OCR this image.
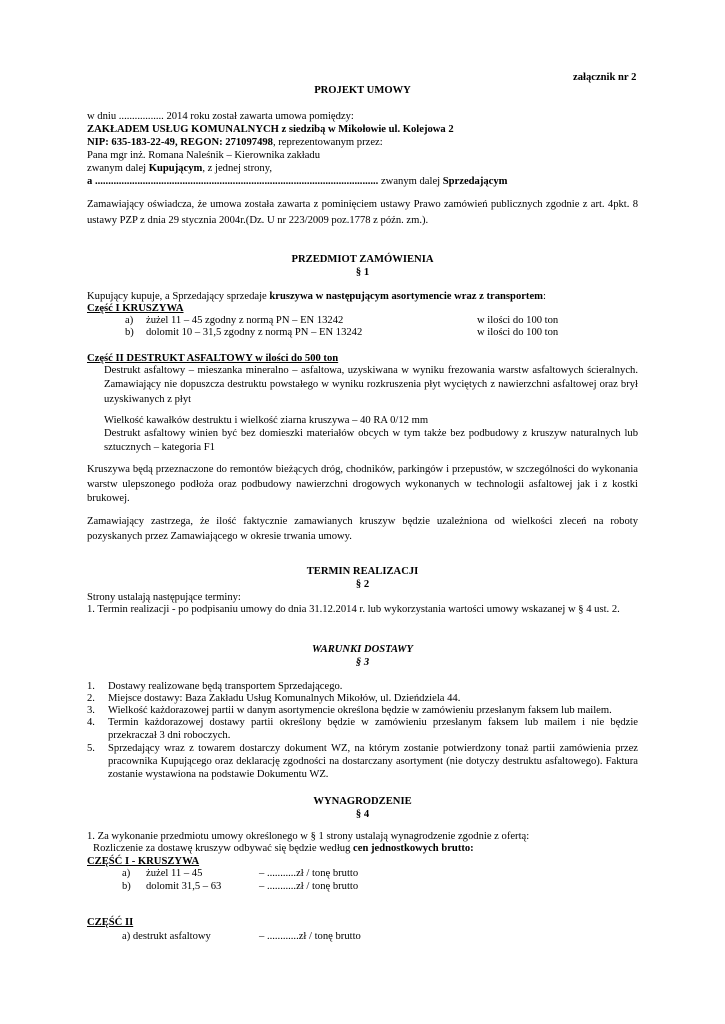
załącznik nr 2
PROJEKT UMOWY
w dniu ................. 2014 roku został zawarta umowa pomiędzy:
ZAKŁADEM USŁUG KOMUNALNYCH z siedzibą w Mikołowie ul. Kolejowa 2
NIP: 635-183-22-49, REGON: 271097498, reprezentowanym przez:
Pana mgr inż. Romana Naleśnik – Kierownika zakładu
zwanym dalej Kupującym, z jednej strony,
a ........................................................................................................... zwanym dalej Sprzedającym
Zamawiający oświadcza, że umowa została zawarta z pominięciem ustawy Prawo zamówień publicznych zgodnie z art. 4pkt. 8 ustawy PZP z dnia 29 stycznia 2004r.(Dz. U nr 223/2009 poz.1778 z późn. zm.).
PRZEDMIOT ZAMÓWIENIA
§ 1
Kupujący kupuje, a Sprzedający sprzedaje kruszywa w następującym asortymencie wraz z transportem:
Część I KRUSZYWA
a) żużel 11 – 45 zgodny z normą PN – EN 13242	w ilości do 100 ton
b) dolomit 10 – 31,5 zgodny z normą PN – EN 13242	w ilości do 100 ton
Część II DESTRUKT ASFALTOWY w ilości do 500 ton
Destrukt asfaltowy – mieszanka mineralno – asfaltowa, uzyskiwana w wyniku frezowania warstw asfaltowych ścieralnych. Zamawiający nie dopuszcza destruktu powstałego w wyniku rozkruszenia płyt wyciętych z nawierzchni asfaltowej oraz brył uzyskiwanych z płyt
Wielkość kawałków destruktu i wielkość ziarna kruszywa – 40 RA 0/12 mm
Destrukt asfaltowy winien być bez domieszki materiałów obcych w tym także bez podbudowy z kruszyw naturalnych lub sztucznych – kategoria F1
Kruszywa będą przeznaczone do remontów bieżących dróg, chodników, parkingów i przepustów, w szczególności do wykonania warstw ulepszonego podłoża oraz podbudowy nawierzchni drogowych wykonanych w technologii asfaltowej jak i z kostki brukowej.
Zamawiający zastrzega, że ilość faktycznie zamawianych kruszyw będzie uzależniona od wielkości zleceń na roboty pozyskanych przez Zamawiającego w okresie trwania umowy.
TERMIN REALIZACJI
§ 2
Strony ustalają następujące terminy:
1. Termin realizacji - po podpisaniu umowy do dnia 31.12.2014 r. lub wykorzystania wartości umowy wskazanej w § 4 ust. 2.
WARUNKI DOSTAWY
§ 3
1.	Dostawy realizowane będą transportem Sprzedającego.
2.	Miejsce dostawy: Baza Zakładu Usług Komunalnych Mikołów, ul. Dzieńdziela 44.
3.	Wielkość każdorazowej partii w danym asortymencie określona będzie w zamówieniu przesłanym faksem lub mailem.
4.	Termin każdorazowej dostawy partii określony będzie w zamówieniu przesłanym faksem lub mailem i nie będzie przekraczał 3 dni roboczych.
5.	Sprzedający wraz z towarem dostarczy dokument WZ, na którym zostanie potwierdzony tonaż partii zamówienia przez pracownika Kupującego oraz deklarację zgodności na dostarczany asortyment (nie dotyczy destruktu asfaltowego). Faktura zostanie wystawiona na podstawie Dokumentu WZ.
WYNAGRODZENIE
§ 4
1. Za wykonanie przedmiotu umowy określonego w § 1 strony ustalają wynagrodzenie zgodnie z ofertą:
Rozliczenie za dostawę kruszyw odbywać się będzie według cen jednostkowych brutto:
CZĘŚĆ I - KRUSZYWA
a) żużel 11 – 45	– ...........zł / tonę brutto
b) dolomit 31,5 – 63	– ...........zł / tonę brutto
CZĘŚĆ II
a) destrukt asfaltowy	– ............zł / tonę brutto
